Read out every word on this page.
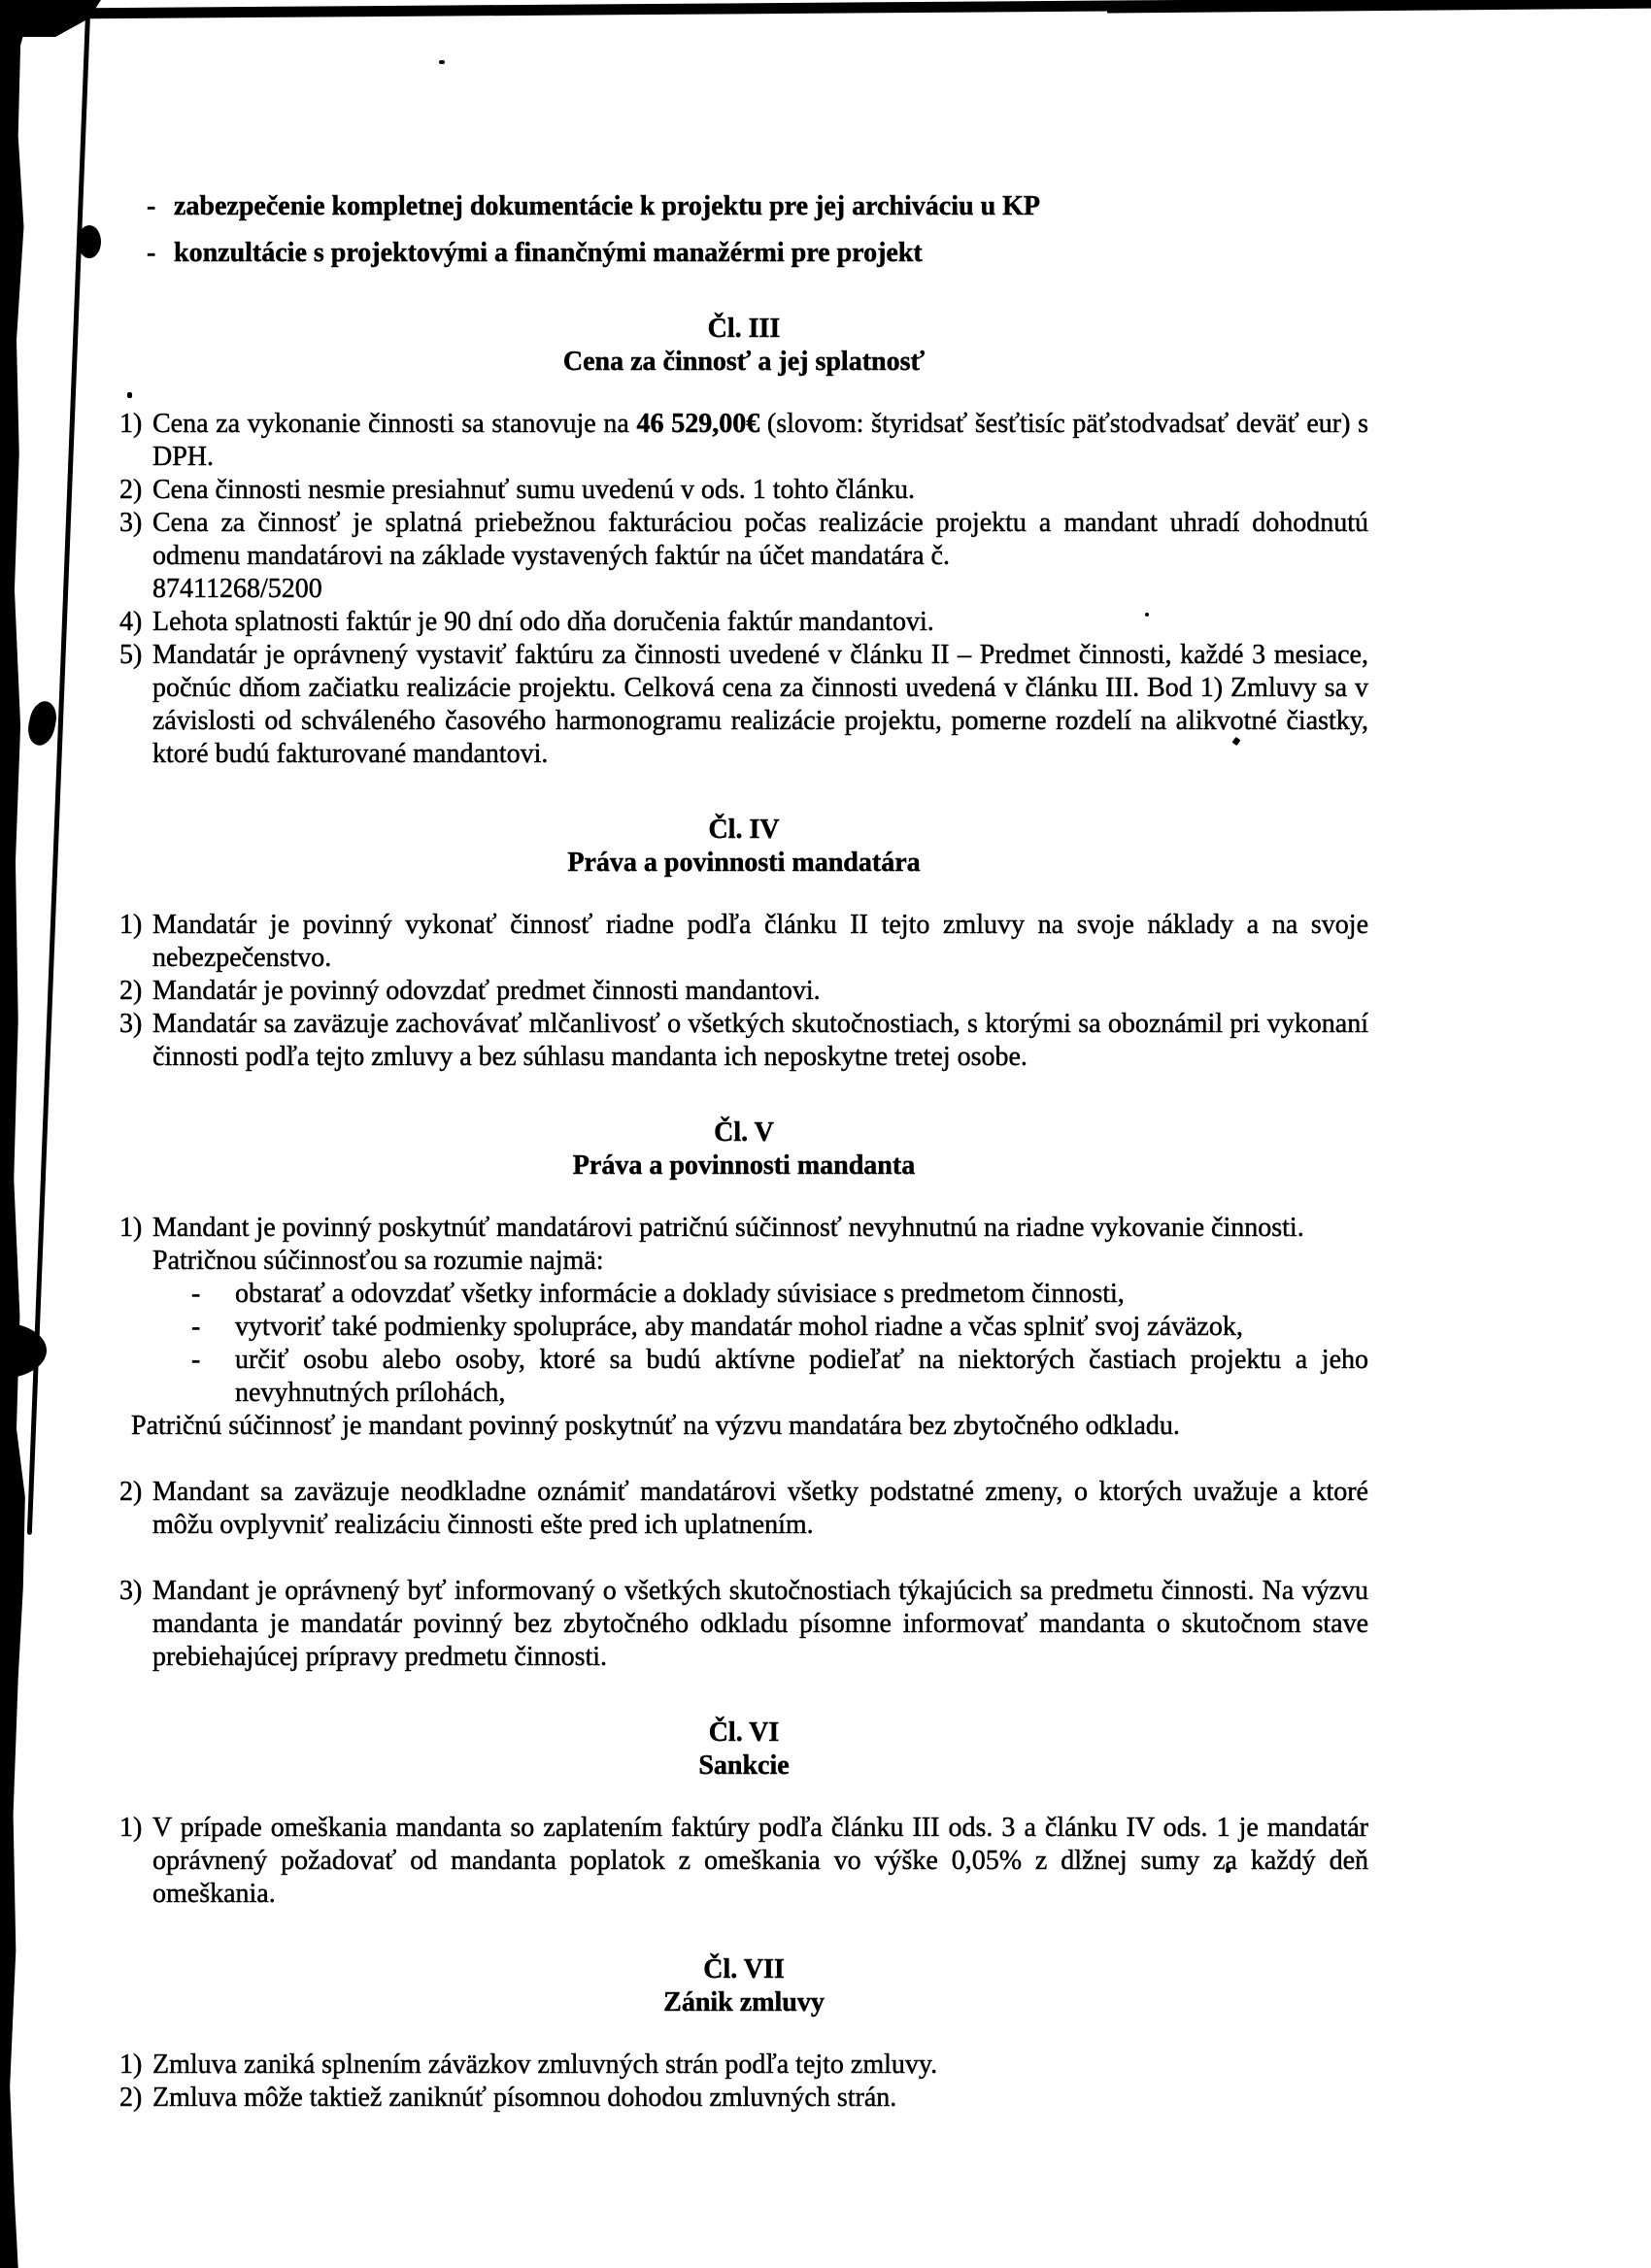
- zabezpečenie kompletnej dokumentácie k projektu pre jej archiváciu u KP
- konzultácie s projektovými a finančnými manažérmi pre projekt
Čl. III
Cena za činnosť a jej splatnosť
1) Cena za vykonanie činnosti sa stanovuje na 46 529,00€ (slovom: štyridsať šesťtisíc päťstodvadsať deväť eur) s DPH.
2) Cena činnosti nesmie presiahnuť sumu uvedenú v ods. 1 tohto článku.
3) Cena za činnosť je splatná priebežnou fakturáciou počas realizácie projektu a mandant uhradí dohodnutú odmenu mandatárovi na základe vystavených faktúr na účet mandatára č.
87411268/5200
4) Lehota splatnosti faktúr je 90 dní odo dňa doručenia faktúr mandantovi.
5) Mandatár je oprávnený vystaviť faktúru za činnosti uvedené v článku II – Predmet činnosti, každé 3 mesiace, počnúc dňom začiatku realizácie projektu. Celková cena za činnosti uvedená v článku III. Bod 1) Zmluvy sa v závislosti od schváleného časového harmonogramu realizácie projektu, pomerne rozdelí na alikvotné čiastky, ktoré budú fakturované mandantovi.
Čl. IV
Práva a povinnosti mandatára
1) Mandatár je povinný vykonať činnosť riadne podľa článku II tejto zmluvy na svoje náklady a na svoje nebezpečenstvo.
2) Mandatár je povinný odovzdať predmet činnosti mandantovi.
3) Mandatár sa zaväzuje zachovávať mlčanlivosť o všetkých skutočnostiach, s ktorými sa oboznámil pri vykonaní činnosti podľa tejto zmluvy a bez súhlasu mandanta ich neposkytne tretej osobe.
Čl. V
Práva a povinnosti mandanta
1) Mandant je povinný poskytnúť mandatárovi patričnú súčinnosť nevyhnutnú na riadne vykovanie činnosti.
Patričnou súčinnosťou sa rozumie najmä:
-	obstarať a odovzdať všetky informácie a doklady súvisiace s predmetom činnosti,
-	vytvoriť také podmienky spolupráce, aby mandatár mohol riadne a včas splniť svoj záväzok,
-	určiť osobu alebo osoby, ktoré sa budú aktívne podieľať na niektorých častiach projektu a jeho nevyhnutných prílohách,
Patričnú súčinnosť je mandant povinný poskytnúť na výzvu mandatára bez zbytočného odkladu.
2) Mandant sa zaväzuje neodkladne oznámiť mandatárovi všetky podstatné zmeny, o ktorých uvažuje a ktoré môžu ovplyvniť realizáciu činnosti ešte pred ich uplatnením.
3) Mandant je oprávnený byť informovaný o všetkých skutočnostiach týkajúcich sa predmetu činnosti. Na výzvu mandanta je mandatár povinný bez zbytočného odkladu písomne informovať mandanta o skutočnom stave prebiehajúcej prípravy predmetu činnosti.
Čl. VI
Sankcie
1) V prípade omeškania mandanta so zaplatením faktúry podľa článku III ods. 3 a článku IV ods. 1 je mandatár oprávnený požadovať od mandanta poplatok z omeškania vo výške 0,05% z dlžnej sumy za každý deň omeškania.
Čl. VII
Zánik zmluvy
1) Zmluva zaniká splnením záväzkov zmluvných strán podľa tejto zmluvy.
2) Zmluva môže taktiež zaniknúť písomnou dohodou zmluvných strán.
